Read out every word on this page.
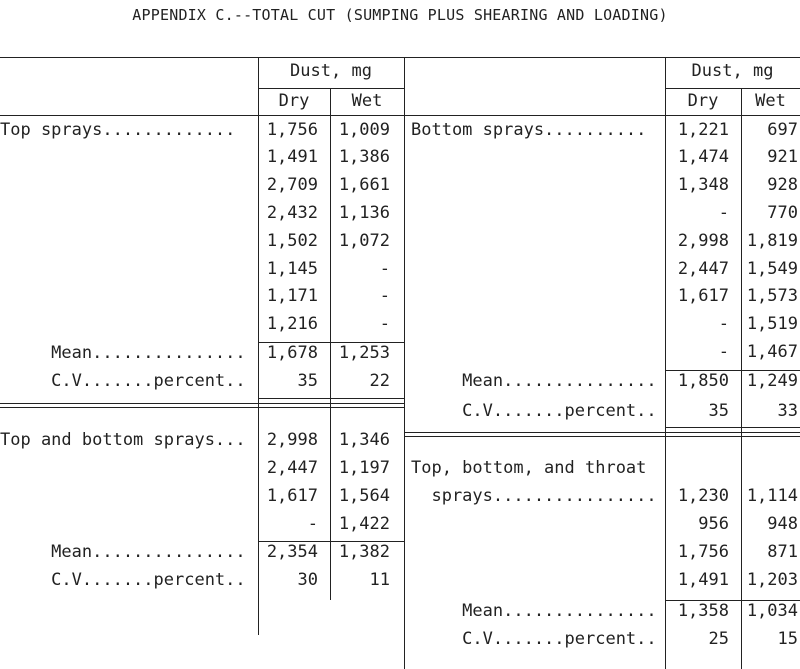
APPENDIX C.--TOTAL CUT (SUMPING PLUS SHEARING AND LOADING)
Dust, mg
Dry	Wet
Dust, mg
Dry	Wet
Top sprays.............	1,756	1,009
1,491	1,386
2,709	1,661
2,432	1,136
1,502	1,072
1,145	-
1,171	-
1,216	-
Mean...............	1,678	1,253
C.V.......percent..	35	22
Top and bottom sprays...	2,998	1,346
2,447	1,197
1,617	1,564
-	1,422
Mean...............	2,354	1,382
C.V.......percent..	30	11
Bottom sprays..........	1,221	697
1,474	921
1,348	928
-	770
2,998	1,819
2,447	1,549
1,617	1,573
-	1,519
-	1,467
Mean...............	1,850	1,249
C.V.......percent..	35	33
Top, bottom, and throat
sprays................	1,230	1,114
956	948
1,756	871
1,491	1,203
Mean...............	1,358	1,034
C.V.......percent..	25	15
